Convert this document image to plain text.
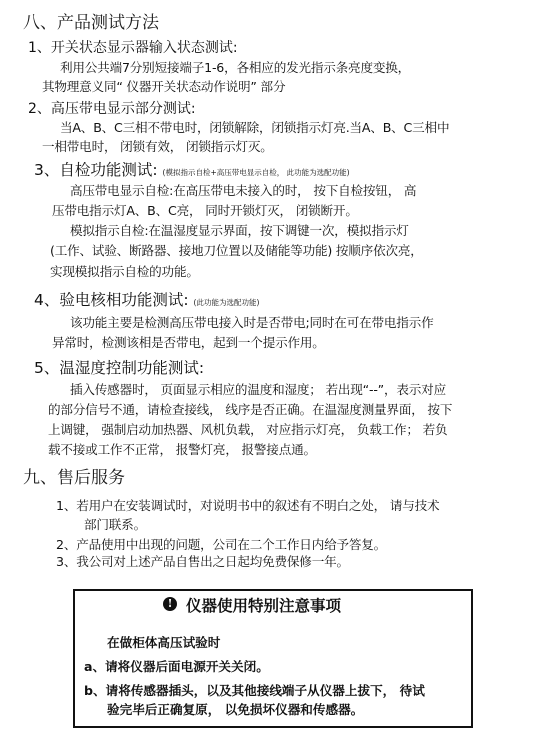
八、产品测试方法
1、开关状态显示器输入状态测试:
利用公共端7分别短接端子1-6，各相应的发光指示条亮度变换，
其物理意义同“ 仪器开关状态动作说明” 部分
2、高压带电显示部分测试:
当A、B、C三相不带电时，闭锁解除，闭锁指示灯亮.当A、B、C三相中
一相带电时， 闭锁有效， 闭锁指示灯灭。
3、自检功能测试: (模拟指示自检+高压带电显示自检， 此功能为选配功能)
高压带电显示自检:在高压带电未接入的时， 按下自检按钮， 高
压带电指示灯A、B、C亮， 同时开锁灯灭， 闭锁断开。
模拟指示自检:在温湿度显示界面，按下调键一次，模拟指示灯
(工作、试验、断路器、接地刀位置以及储能等功能) 按顺序依次亮，
实现模拟指示自检的功能。
4、验电核相功能测试: (此功能为选配功能)
该功能主要是检测高压带电接入时是否带电;同时在可在带电指示作
异常时，检测该相是否带电，起到一个提示作用。
5、温湿度控制功能测试:
插入传感器时， 页面显示相应的温度和湿度； 若出现“--”，表示对应
的部分信号不通，请检查接线， 线序是否正确。在温湿度测量界面， 按下
上调键， 强制启动加热器、风机负载， 对应指示灯亮， 负载工作； 若负
载不接或工作不正常， 报警灯亮， 报警接点通。
九、售后服务
1、若用户在安装调试时，对说明书中的叙述有不明白之处， 请与技术
部门联系。
2、产品使用中出现的问题，公司在二个工作日内给予答复。
3、我公司对上述产品自售出之日起均免费保修一年。
! 仪器使用特别注意事项
在做柜体高压试验时
a、请将仪器后面电源开关关闭。
b、请将传感器插头，以及其他接线端子从仪器上拔下， 待试
验完毕后正确复原， 以免损坏仪器和传感器。
